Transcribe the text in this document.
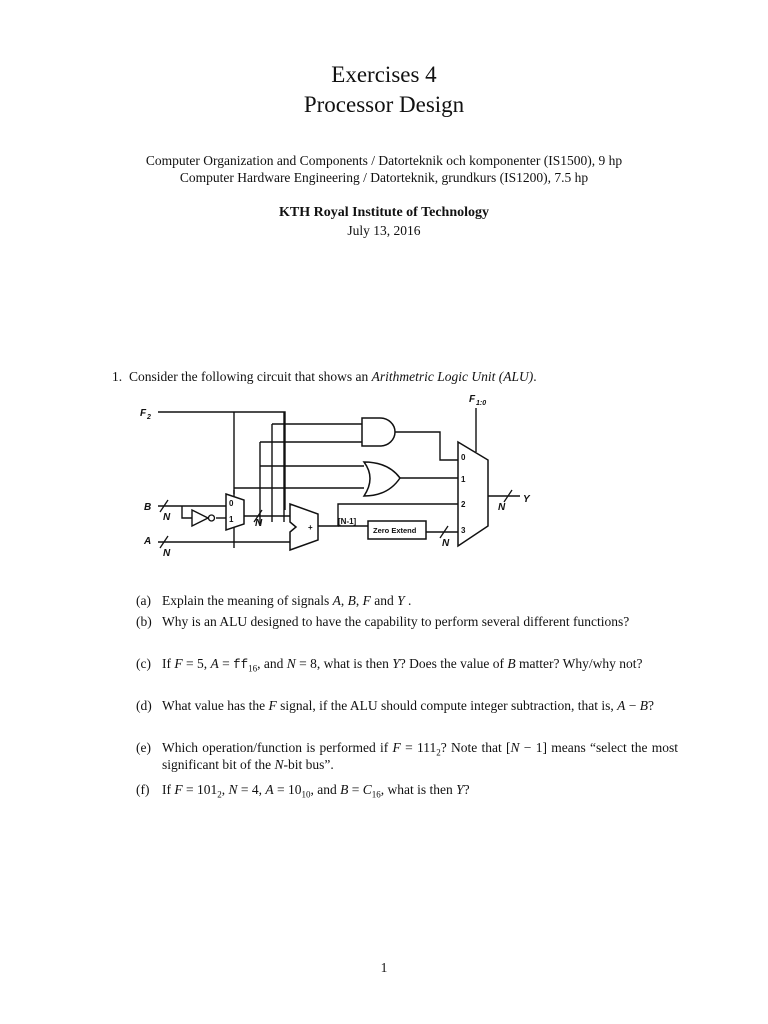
Exercises 4
Processor Design
Computer Organization and Components / Datorteknik och komponenter (IS1500), 9 hp
Computer Hardware Engineering / Datorteknik, grundkurs (IS1200), 7.5 hp
KTH Royal Institute of Technology
July 13, 2016
1. Consider the following circuit that shows an Arithmetric Logic Unit (ALU).
F 2
F 1:0
B
A
N
N
N
N
N
Y
0
1
0
1
2
3
+
[N-1]
Zero Extend
(a) Explain the meaning of signals A, B, F and Y .
(b) Why is an ALU designed to have the capability to perform several different functions?
(c) If F = 5, $A = ff_{16}$, and N = 8, what is then Y? Does the value of B matter? Why/why not?
(d) What value has the F signal, if the ALU should compute integer subtraction, that is, A − B?
(e) Which operation/function is performed if $F = 111_2$? Note that [N − 1] means “select the most significant bit of the N-bit bus”.
(f) If $F = 101_2$, N = 4, $A = 10_{10}$, and $B = C_{16}$, what is then Y?
1
